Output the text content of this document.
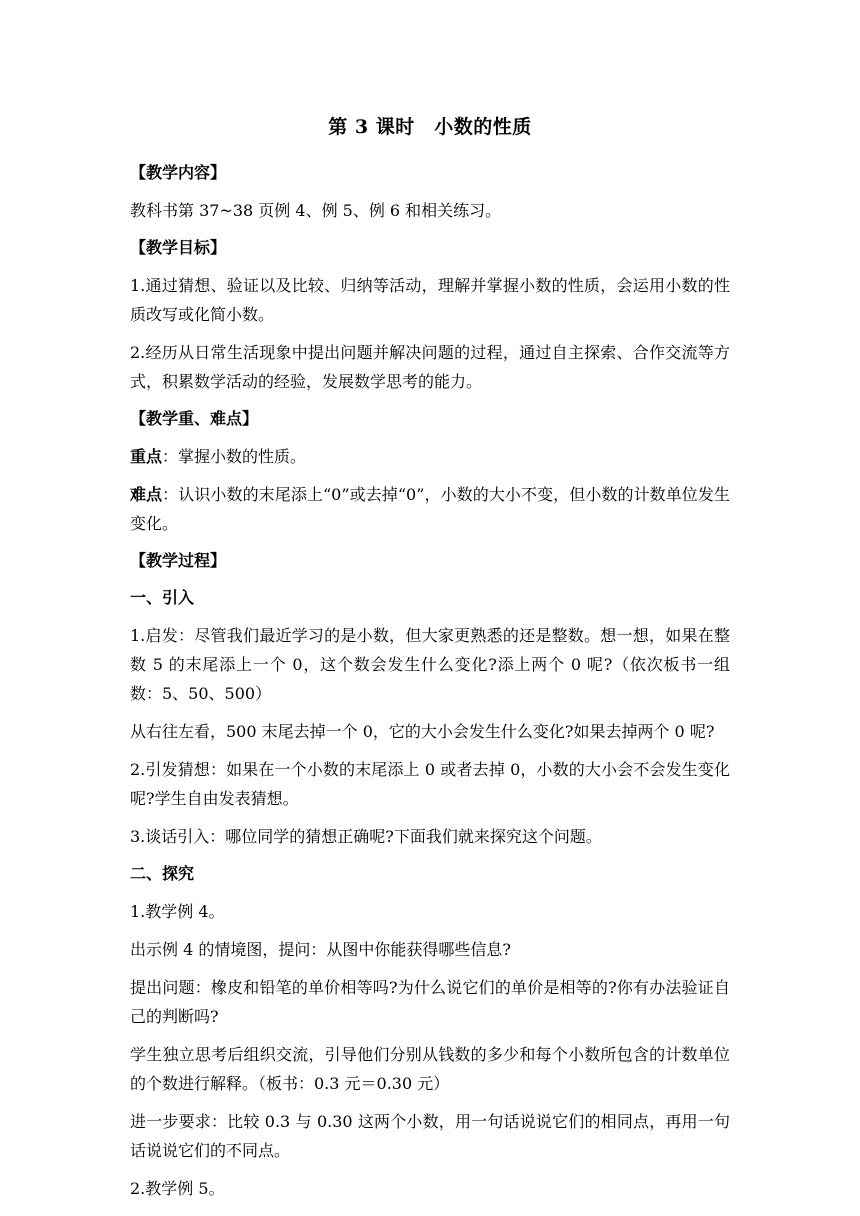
第 3 课时　小数的性质
【教学内容】
教科书第 37~38 页例 4、例 5、例 6 和相关练习。
【教学目标】
1.通过猜想、验证以及比较、归纳等活动，理解并掌握小数的性质，会运用小数的性质改写或化简小数。
2.经历从日常生活现象中提出问题并解决问题的过程，通过自主探索、合作交流等方式，积累数学活动的经验，发展数学思考的能力。
【教学重、难点】
重点：掌握小数的性质。
难点：认识小数的末尾添上“0”或去掉“0”，小数的大小不变，但小数的计数单位发生变化。
【教学过程】
一、引入
1.启发：尽管我们最近学习的是小数，但大家更熟悉的还是整数。想一想，如果在整数 5 的末尾添上一个 0，这个数会发生什么变化?添上两个 0 呢?（依次板书一组数：5、50、500）
从右往左看，500 末尾去掉一个 0，它的大小会发生什么变化?如果去掉两个 0 呢?
2.引发猜想：如果在一个小数的末尾添上 0 或者去掉 0，小数的大小会不会发生变化呢?学生自由发表猜想。
3.谈话引入：哪位同学的猜想正确呢?下面我们就来探究这个问题。
二、探究
1.教学例 4。
出示例 4 的情境图，提问：从图中你能获得哪些信息?
提出问题：橡皮和铅笔的单价相等吗?为什么说它们的单价是相等的?你有办法验证自己的判断吗?
学生独立思考后组织交流，引导他们分别从钱数的多少和每个小数所包含的计数单位的个数进行解释。（板书：0.3 元＝0.30 元）
进一步要求：比较 0.3 与 0.30 这两个小数，用一句话说说它们的相同点，再用一句话说说它们的不同点。
2.教学例 5。
